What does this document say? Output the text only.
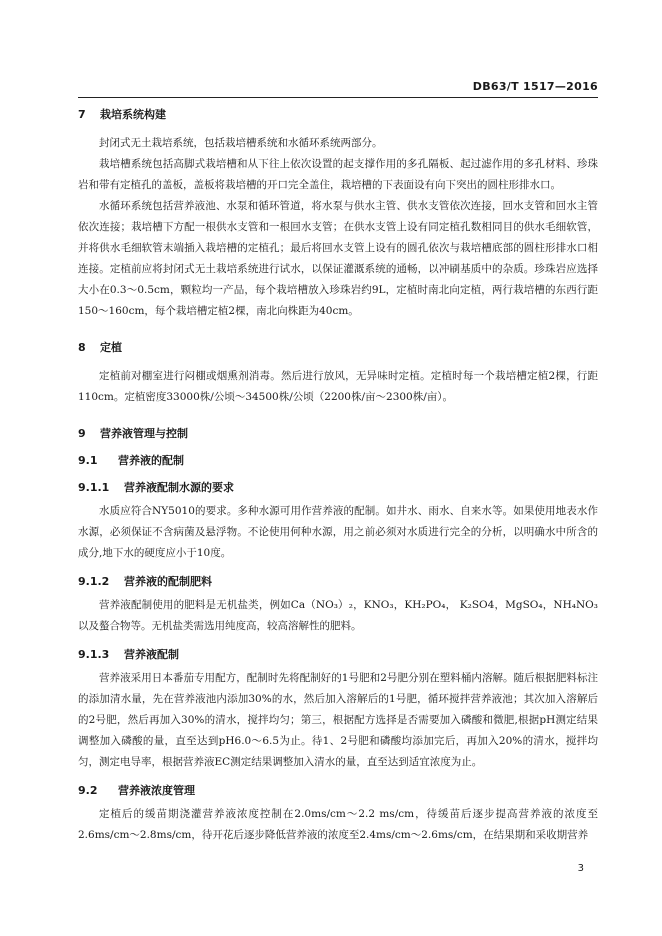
DB63/T 1517—2016
7 栽培系统构建

封闭式无土栽培系统，包括栽培槽系统和水循环系统两部分。

栽培槽系统包括高脚式栽培槽和从下往上依次设置的起支撑作用的多孔隔板、起过滤作用的多孔材料、珍珠岩和带有定植孔的盖板，盖板将栽培槽的开口完全盖住，栽培槽的下表面设有向下突出的圆柱形排水口。

水循环系统包括营养液池、水泵和循环管道，将水泵与供水主管、供水支管依次连接，回水支管和回水主管依次连接；栽培槽下方配一根供水支管和一根回水支管；在供水支管上设有同定植孔数相同目的供水毛细软管，并将供水毛细软管末端插入栽培槽的定植孔；最后将回水支管上设有的圆孔依次与栽培槽底部的圆柱形排水口相连接。定植前应将封闭式无土栽培系统进行试水，以保证灌溉系统的通畅，以冲刷基质中的杂质。珍珠岩应选择大小在0.3～0.5cm，颗粒均一产品，每个栽培槽放入珍珠岩约9L，定植时南北向定植，两行栽培槽的东西行距150～160cm，每个栽培槽定植2棵，南北向株距为40cm。

8 定植

定植前对棚室进行闷棚或烟熏剂消毒。然后进行放风，无异味时定植。定植时每一个栽培槽定植2棵，行距110cm。定植密度33000株/公顷～34500株/公顷（2200株/亩～2300株/亩）。

9 营养液管理与控制
9.1 营养液的配制
9.1.1 营养液配制水源的要求

水质应符合NY5010的要求。多种水源可用作营养液的配制。如井水、雨水、自来水等。如果使用地表水作水源，必须保证不含病菌及悬浮物。不论使用何种水源，用之前必须对水质进行完全的分析，以明确水中所含的成分,地下水的硬度应小于10度。

9.1.2 营养液的配制肥料

营养液配制使用的肥料是无机盐类，例如Ca（NO₃）₂，KNO₃，KH₂PO₄， K₂SO4，MgSO₄，NH₄NO₃ 以及螯合物等。无机盐类需选用纯度高，较高溶解性的肥料。

9.1.3 营养液配制

营养液采用日本番茄专用配方，配制时先将配制好的1号肥和2号肥分别在塑料桶内溶解。随后根据肥料标注的添加清水量，先在营养液池内添加30%的水，然后加入溶解后的1号肥，循环搅拌营养液池；其次加入溶解后的2号肥，然后再加入30%的清水，搅拌均匀；第三，根据配方选择是否需要加入磷酸和微肥,根据pH测定结果调整加入磷酸的量，直至达到pH6.0～6.5为止。待1、2号肥和磷酸均添加完后，再加入20%的清水，搅拌均匀，测定电导率，根据营养液EC测定结果调整加入清水的量，直至达到适宜浓度为止。

9.2 营养液浓度管理

定植后的缓苗期浇灌营养液浓度控制在2.0ms/cm～2.2 ms/cm，待缓苗后逐步提高营养液的浓度至2.6ms/cm～2.8ms/cm，待开花后逐步降低营养液的浓度至2.4ms/cm～2.6ms/cm，在结果期和采收期营养

3
